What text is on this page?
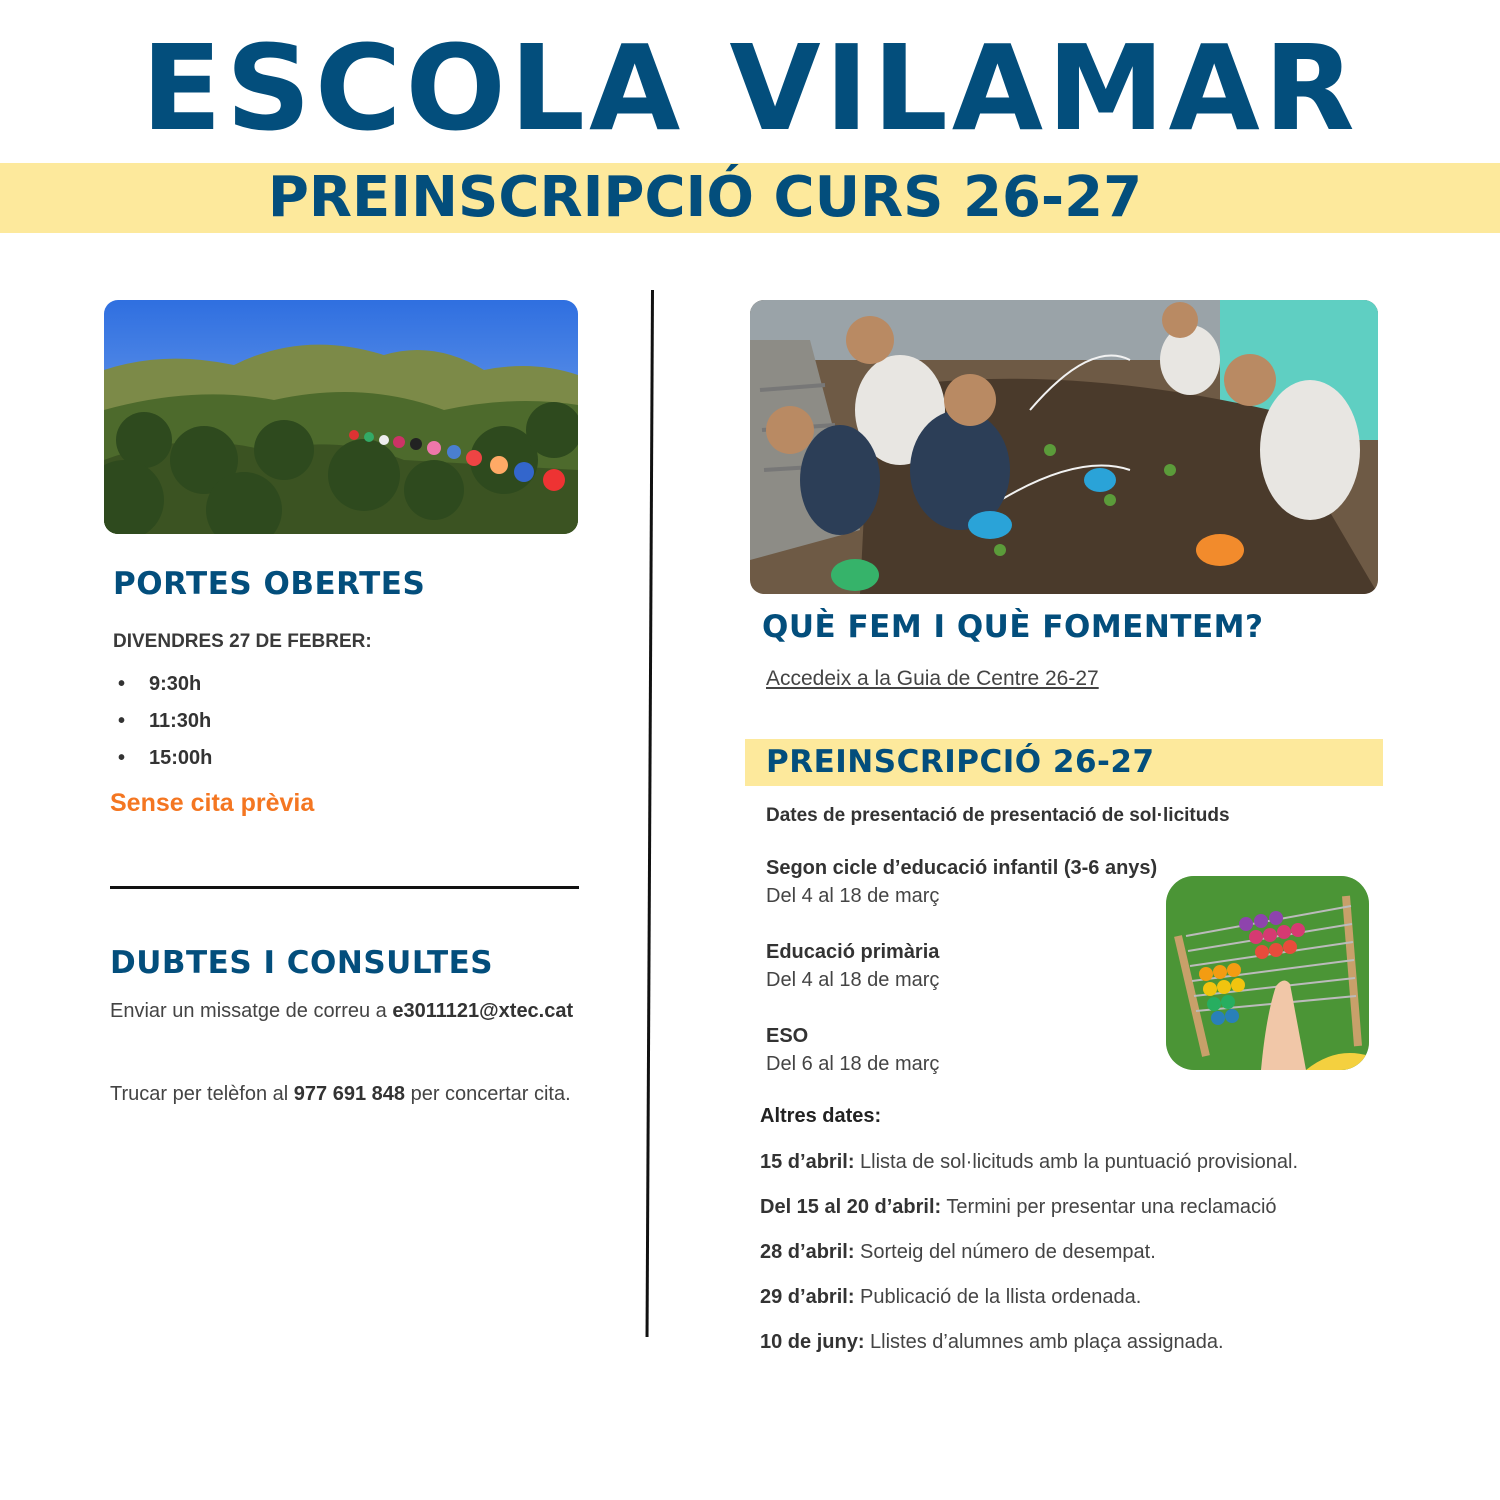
ESCOLA VILAMAR
PREINSCRIPCIÓ CURS 26-27
PORTES OBERTES
DIVENDRES 27 DE FEBRER:
• 9:30h
• 11:30h
• 15:00h
Sense cita prèvia
DUBTES I CONSULTES
Enviar un missatge de correu a e3011121@xtec.cat
Trucar per telèfon al 977 691 848 per concertar cita.
QUÈ FEM I QUÈ FOMENTEM?
Accedeix a la Guia de Centre 26-27
PREINSCRIPCIÓ 26-27
Dates de presentació de presentació de sol·licituds
Segon cicle d’educació infantil (3-6 anys)
Del 4 al 18 de març
Educació primària
Del 4 al 18 de març
ESO
Del 6 al 18 de març
Altres dates:
15 d’abril: Llista de sol·licituds amb la puntuació provisional.
Del 15 al 20 d’abril: Termini per presentar una reclamació
28 d’abril: Sorteig del número de desempat.
29 d’abril: Publicació de la llista ordenada.
10 de juny: Llistes d’alumnes amb plaça assignada.
